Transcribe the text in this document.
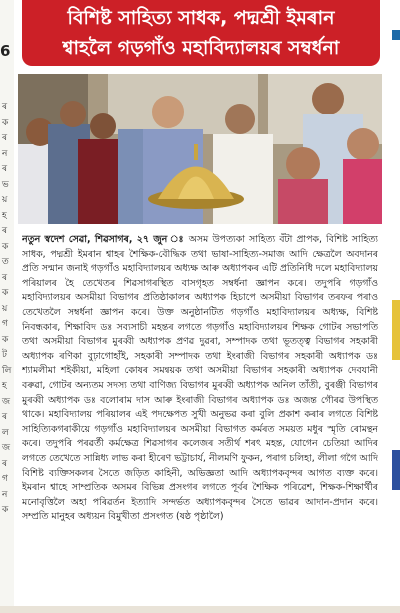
6
ৰ ক ৰ ন ৰ ভ য় হ ৰ ক ত ৰ ক য় গ ক ট লি হ জ ৰ ল জ ৰ গ ন ক
বিশিষ্ট সাহিত্য সাধক, পদ্মশ্ৰী ইমৰান
শ্বাহলৈ গড়গাঁও মহাবিদ্যালয়ৰ সম্বৰ্ধনা
নতুন স্বদেশ সেৱা, শিৱসাগৰ, ২৭ জুন ঃ অসম উপত্যকা সাহিত্য বঁটা প্ৰাপক, বিশিষ্ট সাহিত্য সাধক, পদ্মশ্ৰী ইমৰান শ্বাহৰ শৈক্ষিক-বৌদ্ধিক তথা ভাষা-সাহিত্য-সমাজ আদি ক্ষেত্ৰলৈ অবদানৰ প্ৰতি সন্মান জনাই গড়গাঁও মহাবিদ্যালয়ৰ অধ্যক্ষ আৰু অধ্যাপকৰ এটি প্ৰতিনিধি দলে মহাবিদ্যালয় পৰিয়ালৰ হৈ তেখেতৰ শিৱসাগৰস্থিত বাসগৃহত সম্বৰ্ধনা জ্ঞাপন কৰে। তদুপৰি গড়গাঁও মহাবিদ্যালয়ৰ অসমীয়া বিভাগৰ প্ৰতিষ্ঠাকালৰ অধ্যাপক হিচাপে অসমীয়া বিভাগৰ তৰফৰ পৰাও তেখেতলৈ সম্বৰ্ধনা জ্ঞাপন কৰে। উক্ত অনুষ্ঠানটিত গড়গাঁও মহাবিদ্যালয়ৰ অধ্যক্ষ, বিশিষ্ট নিবন্ধকাৰ, শিক্ষাবিদ ডঃ সব্যসাচী মহন্তৰ লগতে গড়গাঁও মহাবিদ্যালয়ৰ শিক্ষক গোটৰ সভাপতি তথা অসমীয়া বিভাগৰ মুৰব্বী অধ্যাপক প্ৰণৱ দুৱৰা, সম্পাদক তথা ভূতত্ত্ব বিভাগৰ সহকাৰী অধ্যাপক ৰণিকা বুঢ়াগোহাঁই, সহকাৰী সম্পাদক তথা ইংৰাজী বিভাগৰ সহকাৰী অধ্যাপক ডঃ শ্যামলীমা শইকীয়া, মহিলা কোষৰ সমন্বয়ক তথা অসমীয়া বিভাগৰ সহকাৰী অধ্যাপক দেবযানী বৰুৱা, গোটৰ অন্যতম সদস্য তথা বাণিজ্য বিভাগৰ মুৰব্বী অধ্যাপক অনিল তাঁতী, বুৰঞ্জী বিভাগৰ মুৰব্বী অধ্যাপক ডঃ বলোৰাম দাস আৰু ইংৰাজী বিভাগৰ অধ্যাপক ডঃ অজন্ত গৌৰৱ উপস্থিত থাকে। মহাবিদ্যালয় পৰিয়ালৰ এই পদক্ষেপত সুখী অনুভৱ কৰা বুলি প্ৰকাশ কৰাৰ লগতে বিশিষ্ট সাহিত্যিকগৰাকীয়ে গড়গাঁও মহাবিদ্যালয়ৰ অসমীয়া বিভাগত কৰ্মৰত সময়ত মধুৰ স্মৃতি ৰোমন্থন কৰে। তদুপৰি পৰৱৰ্তী কৰ্মক্ষেত্ৰ শিৱসাগৰ কলেজৰ সতীৰ্থ শৰৎ মহন্ত, যোগেন চেতিয়া আদিৰ লগতে তেখেতে সান্নিধ্য লাভ কৰা হীৰেণ ভট্টাচাৰ্য, নীলমণি ফুকন, পৰাগ চলিহা, লীলা গগৈ আদি বিশিষ্ট ব্যক্তিসকলৰ সৈতে জড়িত কাহিনী, অভিজ্ঞতা আদি অধ্যাপকবৃন্দৰ আগত ব্যক্ত কৰে। ইমৰান শ্বাহে সাম্প্ৰতিক অসমৰ বিভিন্ন প্ৰসংগৰ লগতে পূৰ্বৰ শৈক্ষিক পৰিৱেশ, শিক্ষক-শিক্ষাৰ্থীৰ মনোবৃত্তিলৈ অহা পৰিৱৰ্তন ইত্যাদি সন্দৰ্ভত অধ্যাপকবৃন্দৰ সৈতে ভাৱৰ আদান-প্ৰদান কৰে। সম্প্ৰতি মানুহৰ অধ্যয়ন বিমুখীতা প্ৰসংগত (ষষ্ঠ পৃষ্ঠালৈ)
